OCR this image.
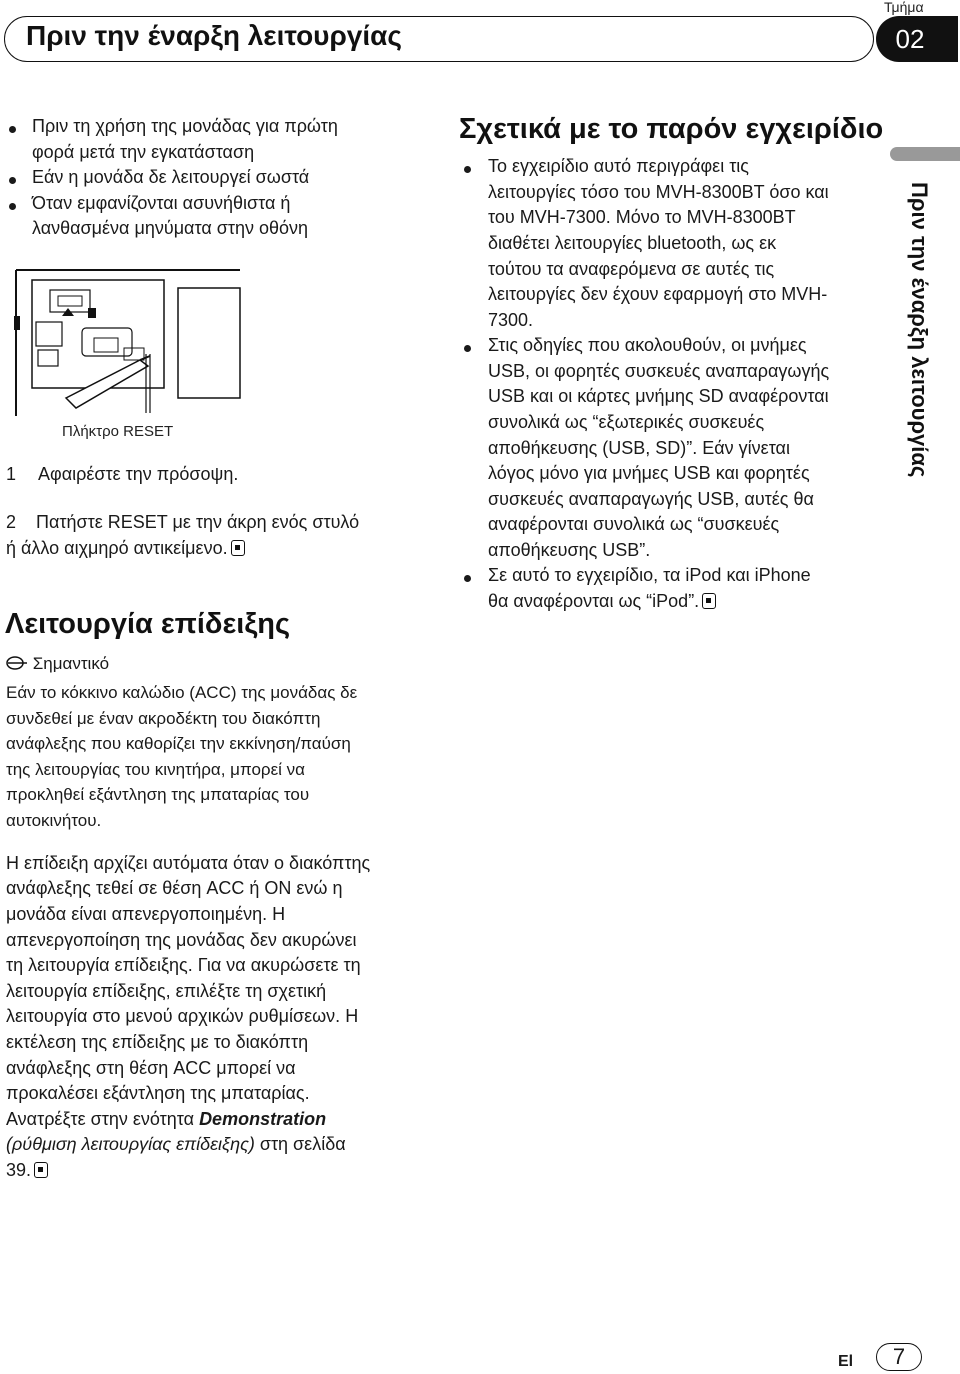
Πριν την έναρξη λειτουργίας
Τμήμα
02
Πριν τη χρήση της μονάδας για πρώτη
φορά μετά την εγκατάσταση
Εάν η μονάδα δε λειτουργεί σωστά
Όταν εμφανίζονται ασυνήθιστα ή
λανθασμένα μηνύματα στην οθόνη
Πλήκτρο RESET
1 Αφαιρέστε την πρόσοψη.
2 Πατήστε RESET με την άκρη ενός στυλό
ή άλλο αιχμηρό αντικείμενο.
Λειτουργία επίδειξης
Σημαντικό
Εάν το κόκκινο καλώδιο (ACC) της μονάδας δε
συνδεθεί με έναν ακροδέκτη του διακόπτη
ανάφλεξης που καθορίζει την εκκίνηση/παύση
της λειτουργίας του κινητήρα, μπορεί να
προκληθεί εξάντληση της μπαταρίας του
αυτοκινήτου.
Η επίδειξη αρχίζει αυτόματα όταν ο διακόπτης
ανάφλεξης τεθεί σε θέση ACC ή ON ενώ η
μονάδα είναι απενεργοποιημένη. Η
απενεργοποίηση της μονάδας δεν ακυρώνει
τη λειτουργία επίδειξης. Για να ακυρώσετε τη
λειτουργία επίδειξης, επιλέξτε τη σχετική
λειτουργία στο μενού αρχικών ρυθμίσεων. Η
εκτέλεση της επίδειξης με το διακόπτη
ανάφλεξης στη θέση ACC μπορεί να
προκαλέσει εξάντληση της μπαταρίας.
Ανατρέξτε στην ενότητα Demonstration
(ρύθμιση λειτουργίας επίδειξης) στη σελίδα
39.
Σχετικά με το παρόν εγχειρίδιο
Το εγχειρίδιο αυτό περιγράφει τις
λειτουργίες τόσο του MVH-8300BT όσο και
του MVH-7300. Μόνο το MVH-8300BT
διαθέτει λειτουργίες bluetooth, ως εκ
τούτου τα αναφερόμενα σε αυτές τις
λειτουργίες δεν έχουν εφαρμογή στο MVH-
7300.
Στις οδηγίες που ακολουθούν, οι μνήμες
USB, οι φορητές συσκευές αναπαραγωγής
USB και οι κάρτες μνήμης SD αναφέρονται
συνολικά ως “εξωτερικές συσκευές
αποθήκευσης (USB, SD)”. Εάν γίνεται
λόγος μόνο για μνήμες USB και φορητές
συσκευές αναπαραγωγής USB, αυτές θα
αναφέρονται συνολικά ως “συσκευές
αποθήκευσης USB”.
Σε αυτό το εγχειρίδιο, τα iPod και iPhone
θα αναφέρονται ως “iPod”.
Πριν την έναρξη λειτουργίας
El	7
